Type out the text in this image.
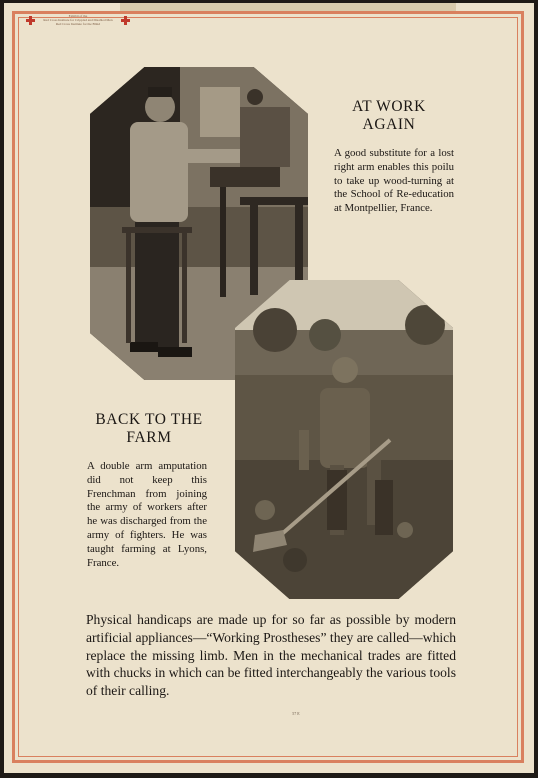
Exhibit of the
Red Cross Institute for Crippled and Disabled Men
Red Cross Institute for the Blind
AT WORK AGAIN
A good substitute for a lost right arm enables this poilu to take up wood-turning at the School of Re-education at Montpellier, France.
BACK TO THE FARM
A double arm amputation did not keep this Frenchman from joining the army of workers after he was discharged from the army of fighters. He was taught farming at Lyons, France.
Physical handicaps are made up for so far as possible by modern artificial appliances—“Working Prostheses” they are called—which replace the missing limb. Men in the mechanical trades are fitted with chucks in which can be fitted interchangeably the various tools of their calling.
57 E
